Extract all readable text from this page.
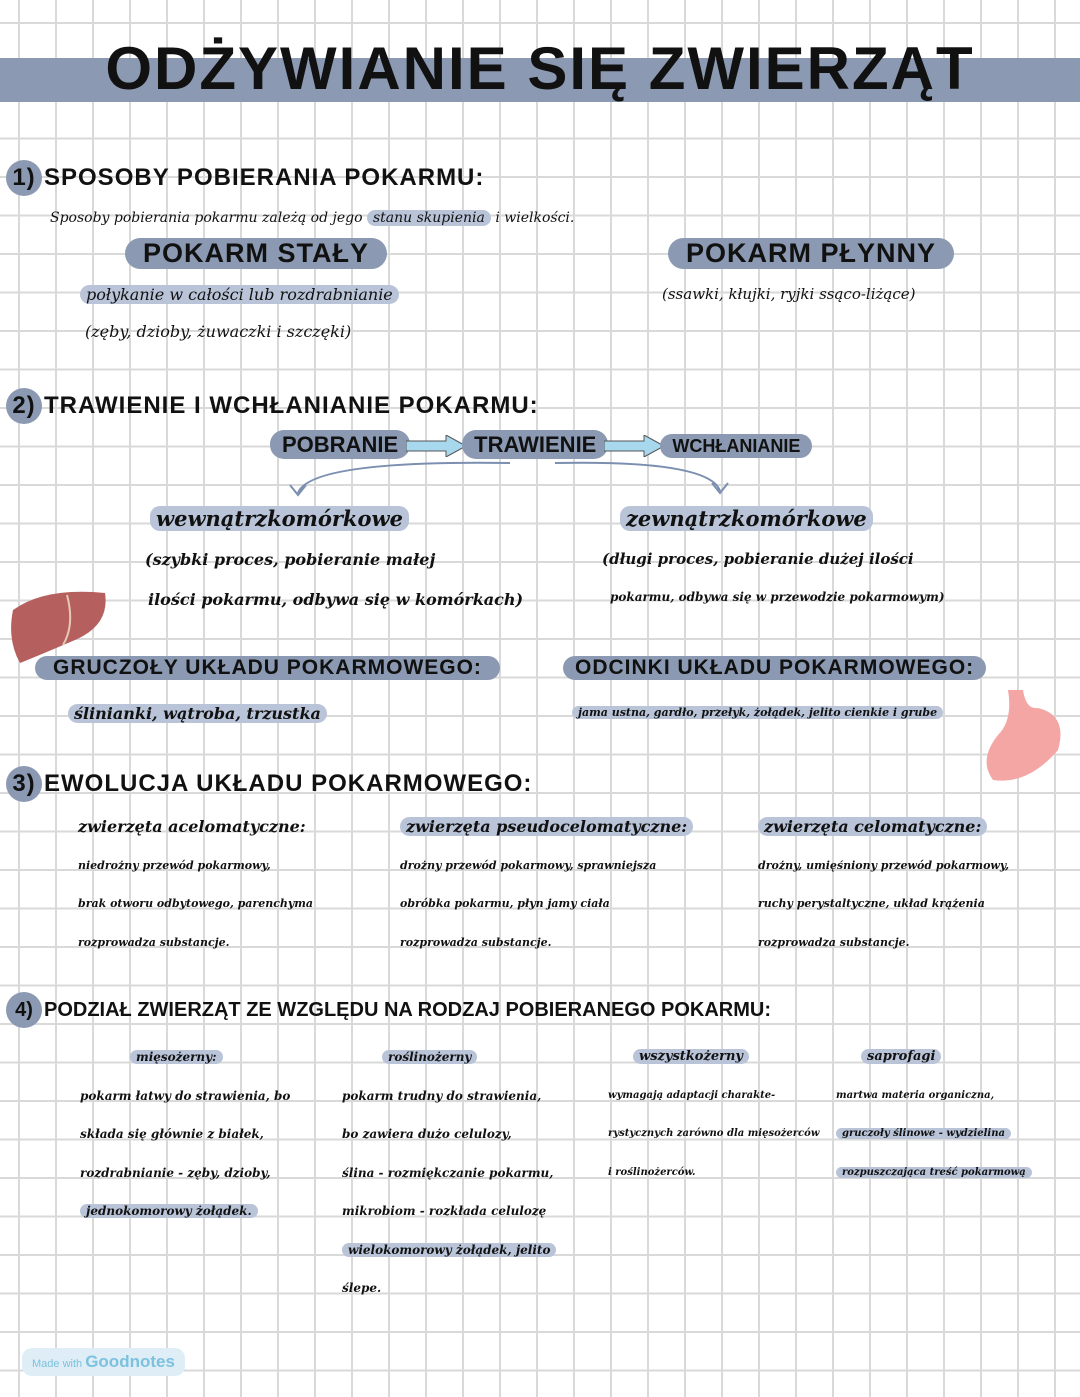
ODŻYWIANIE SIĘ ZWIERZĄT
1) SPOSOBY POBIERANIA POKARMU:
Sposoby pobierania pokarmu zależą od jego stanu skupienia i wielkości.
POKARM STAŁY
połykanie w całości lub rozdrabnianie
(zęby, dzioby, żuwaczki i szczęki)
POKARM PŁYNNY
(ssawki, kłujki, ryjki ssąco-liżące)
2) TRAWIENIE I WCHŁANIANIE POKARMU:
POBRANIE	TRAWIENIE	WCHŁANIANIE
wewnątrzkomórkowe
(szybki proces, pobieranie małej
ilości pokarmu, odbywa się w komórkach)
zewnątrzkomórkowe
(długi proces, pobieranie dużej ilości
pokarmu, odbywa się w przewodzie pokarmowym)
GRUCZOŁY UKŁADU POKARMOWEGO:
ślinianki, wątroba, trzustka
ODCINKI UKŁADU POKARMOWEGO:
jama ustna, gardło, przełyk, żołądek, jelito cienkie i grube
3) EWOLUCJA UKŁADU POKARMOWEGO:
zwierzęta acelomatyczne:
niedrożny przewód pokarmowy,
brak otworu odbytowego, parenchyma
rozprowadza substancje.
zwierzęta pseudocelomatyczne:
drożny przewód pokarmowy, sprawniejsza
obróbka pokarmu, płyn jamy ciała
rozprowadza substancje.
zwierzęta celomatyczne:
drożny, umięśniony przewód pokarmowy,
ruchy perystaltyczne, układ krążenia
rozprowadza substancje.
4) PODZIAŁ ZWIERZĄT ZE WZGLĘDU NA RODZAJ POBIERANEGO POKARMU:
mięsożerny:
pokarm łatwy do strawienia, bo
składa się głównie z białek,
rozdrabnianie - zęby, dzioby,
jednokomorowy żołądek.
roślinożerny
pokarm trudny do strawienia,
bo zawiera dużo celulozy,
ślina - rozmiękczanie pokarmu,
mikrobiom - rozkłada celulozę
wielokomorowy żołądek, jelito
ślepe.
wszystkożerny
wymagają adaptacji charakte-
rystycznych zarówno dla mięsożerców
i roślinożerców.
saprofagi
martwa materia organiczna,
gruczoły ślinowe - wydzielina
rozpuszczająca treść pokarmową
Made with Goodnotes
